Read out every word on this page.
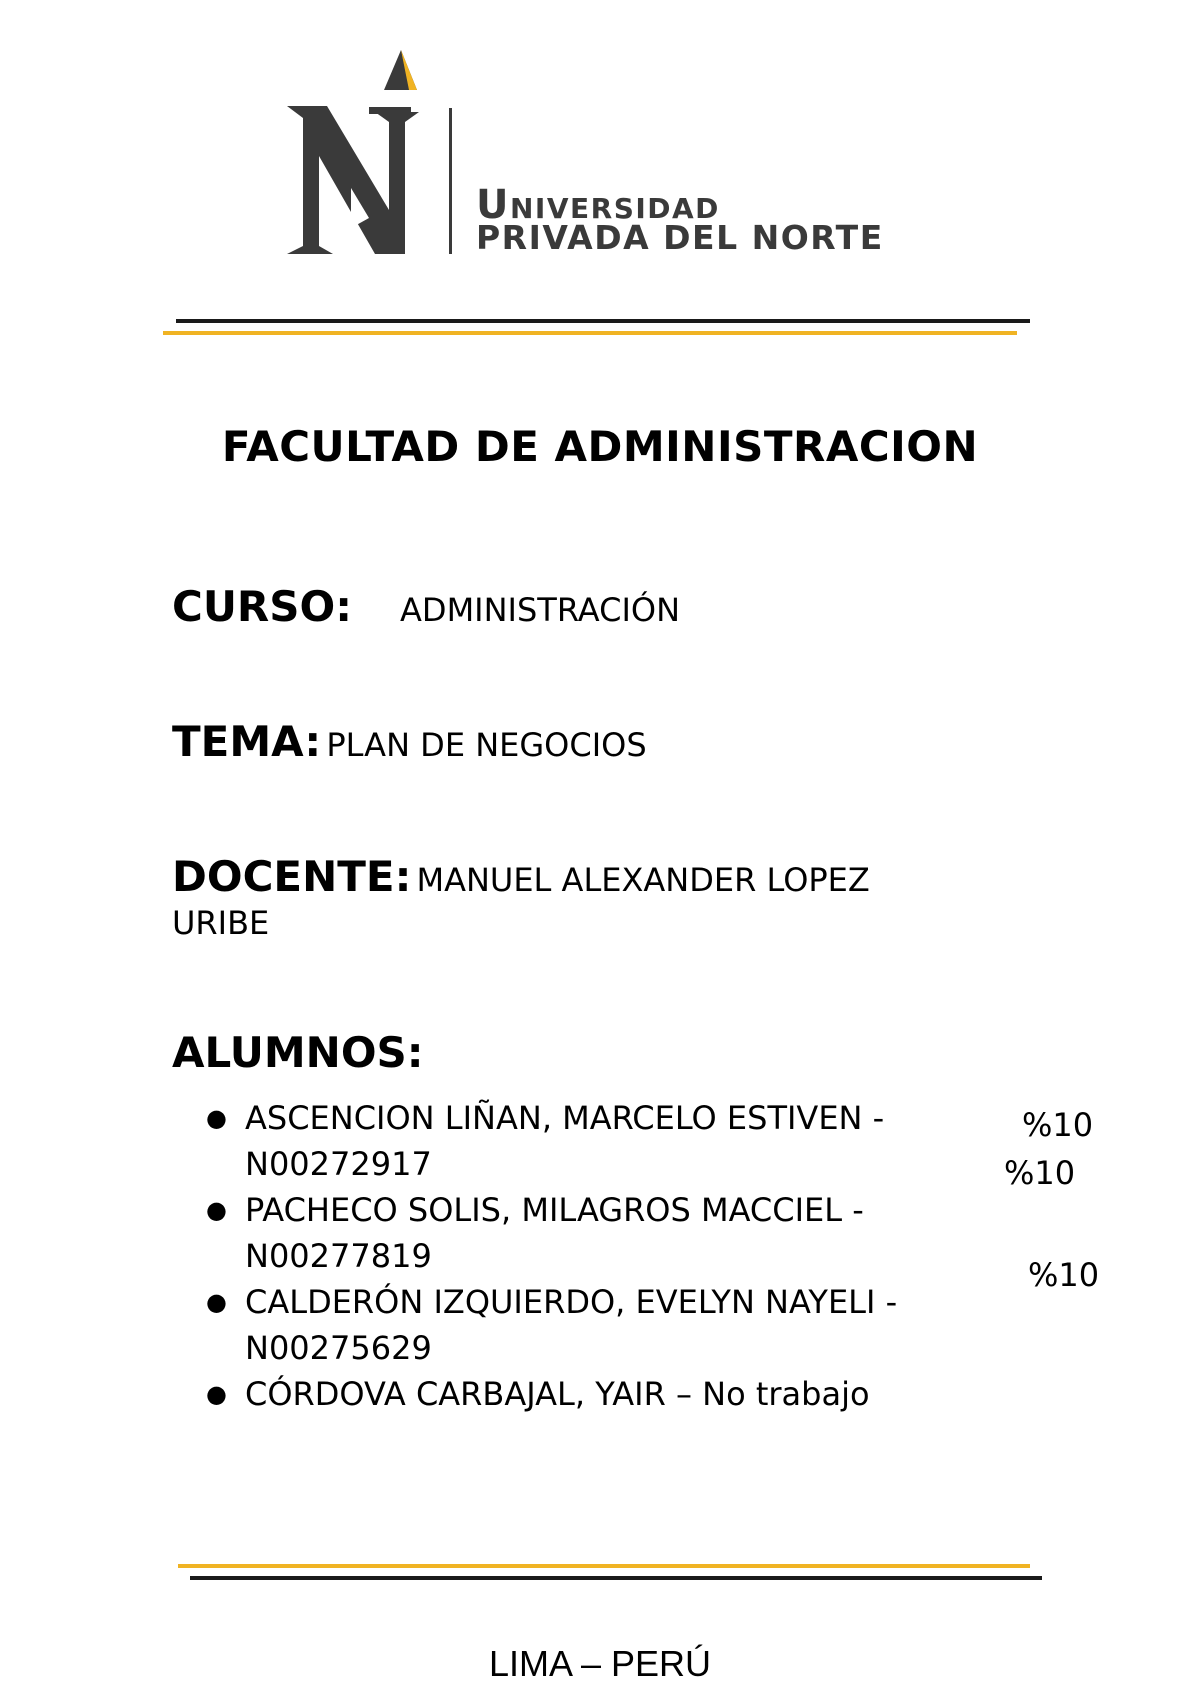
Universidad
PRIVADA DEL NORTE
FACULTAD DE ADMINISTRACION
CURSO: ADMINISTRACIÓN
TEMA: PLAN DE NEGOCIOS
DOCENTE: MANUEL ALEXANDER LOPEZ
URIBE
ALUMNOS:
● ASCENCION LIÑAN, MARCELO ESTIVEN -
N00272917
● PACHECO SOLIS, MILAGROS MACCIEL -
N00277819
● CALDERÓN IZQUIERDO, EVELYN NAYELI -
N00275629
● CÓRDOVA CARBAJAL, YAIR – No trabajo
%10
%10
%10
LIMA – PERÚ
